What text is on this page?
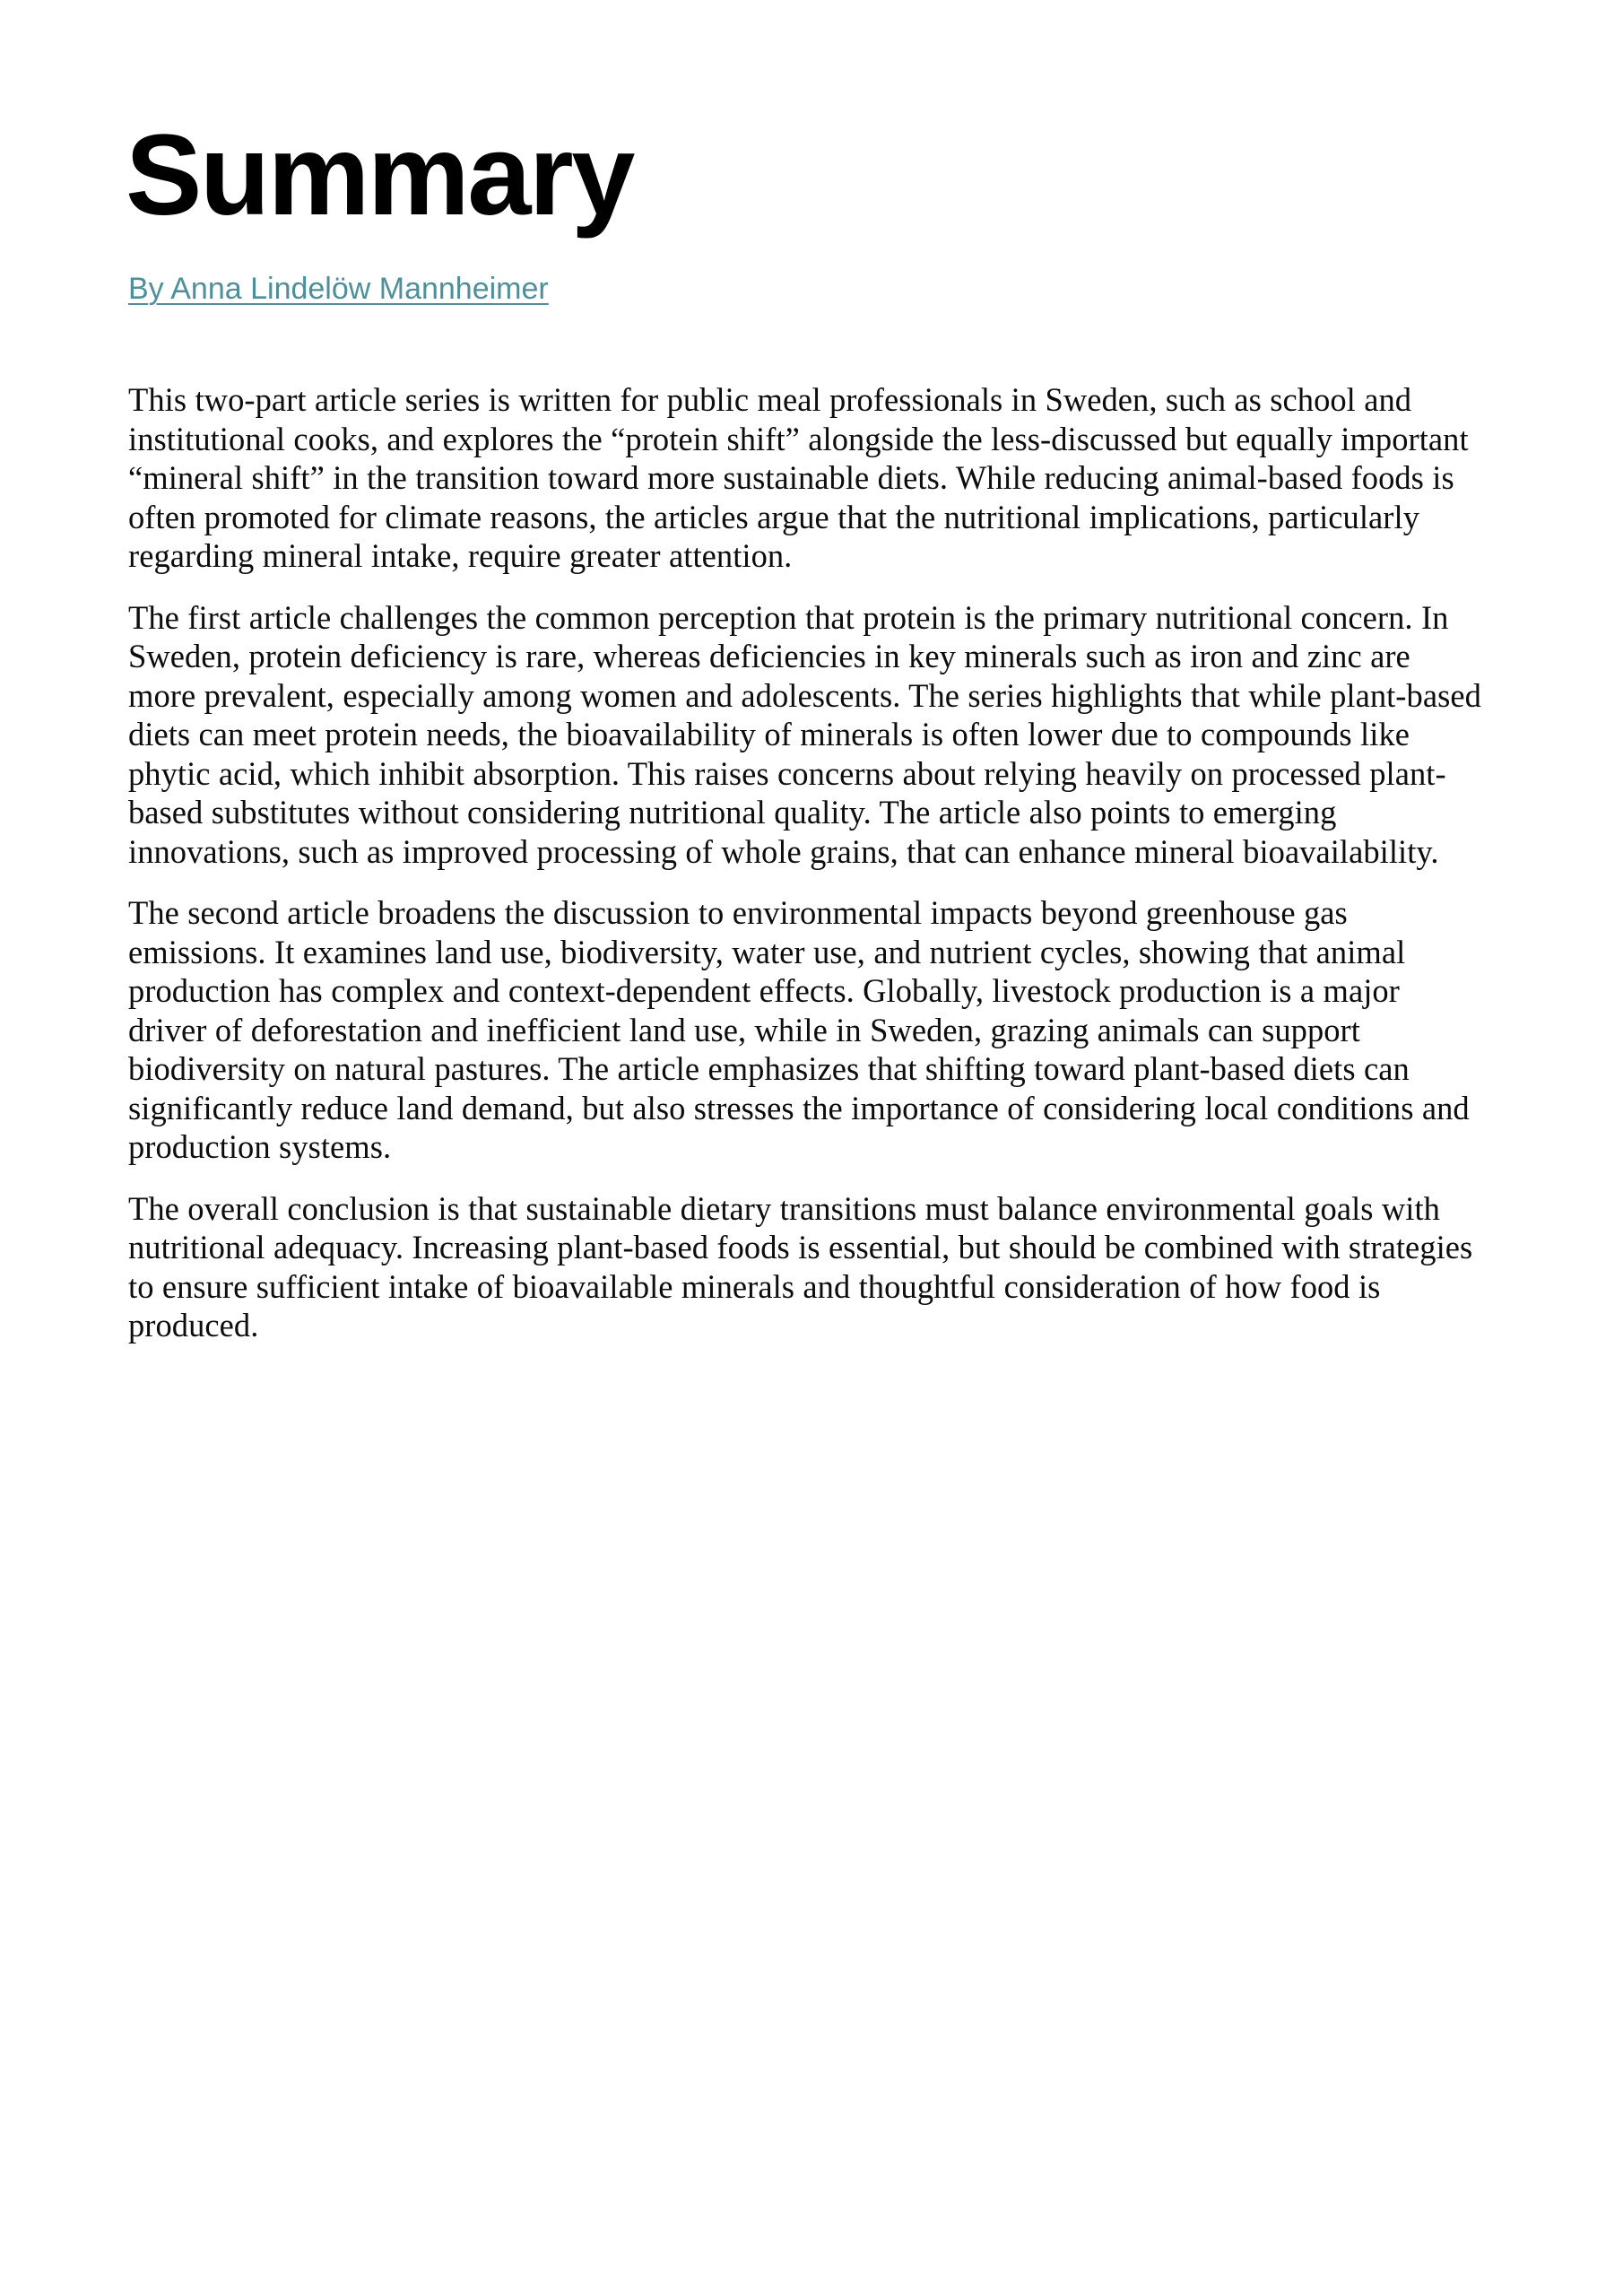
Summary
By Anna Lindelöw Mannheimer

This two-part article series is written for public meal professionals in Sweden, such as school and institutional cooks, and explores the “protein shift” alongside the less-discussed but equally important “mineral shift” in the transition toward more sustainable diets. While reducing animal-based foods is often promoted for climate reasons, the articles argue that the nutritional implications, particularly regarding mineral intake, require greater attention.

The first article challenges the common perception that protein is the primary nutritional concern. In Sweden, protein deficiency is rare, whereas deficiencies in key minerals such as iron and zinc are more prevalent, especially among women and adolescents. The series highlights that while plant-based diets can meet protein needs, the bioavailability of minerals is often lower due to compounds like phytic acid, which inhibit absorption. This raises concerns about relying heavily on processed plant-based substitutes without considering nutritional quality. The article also points to emerging innovations, such as improved processing of whole grains, that can enhance mineral bioavailability.

The second article broadens the discussion to environmental impacts beyond greenhouse gas emissions. It examines land use, biodiversity, water use, and nutrient cycles, showing that animal production has complex and context-dependent effects. Globally, livestock production is a major driver of deforestation and inefficient land use, while in Sweden, grazing animals can support biodiversity on natural pastures. The article emphasizes that shifting toward plant-based diets can significantly reduce land demand, but also stresses the importance of considering local conditions and production systems.

The overall conclusion is that sustainable dietary transitions must balance environmental goals with nutritional adequacy. Increasing plant-based foods is essential, but should be combined with strategies to ensure sufficient intake of bioavailable minerals and thoughtful consideration of how food is produced.
